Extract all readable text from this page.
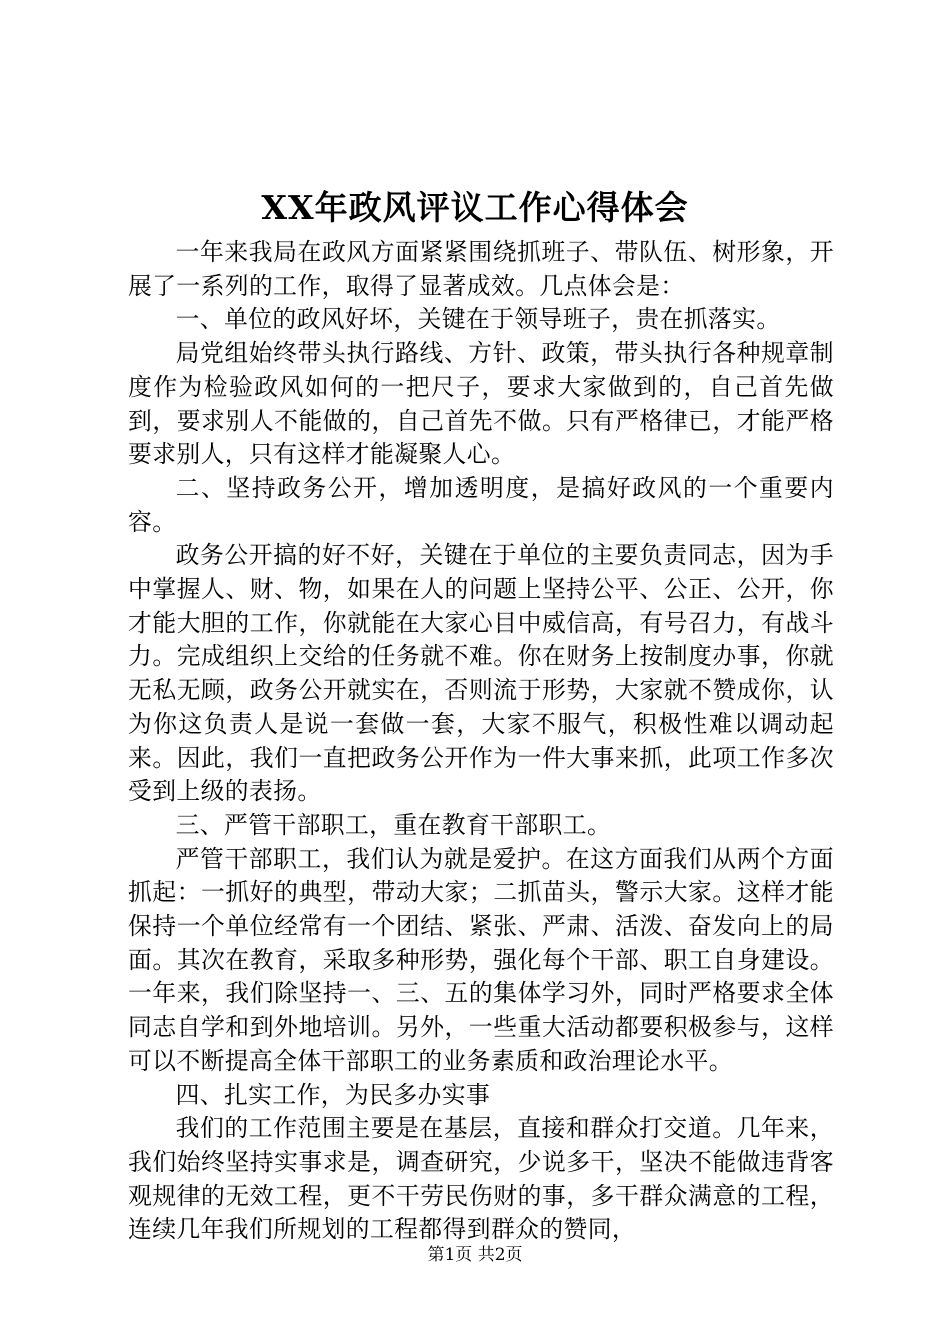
XX年政风评议工作心得体会

一年来我局在政风方面紧紧围绕抓班子、带队伍、树形象，开展了一系列的工作，取得了显著成效。几点体会是：

一、单位的政风好坏，关键在于领导班子，贵在抓落实。

局党组始终带头执行路线、方针、政策，带头执行各种规章制度作为检验政风如何的一把尺子，要求大家做到的，自己首先做到，要求别人不能做的，自己首先不做。只有严格律已，才能严格要求别人，只有这样才能凝聚人心。

二、坚持政务公开，增加透明度，是搞好政风的一个重要内容。

政务公开搞的好不好，关键在于单位的主要负责同志，因为手中掌握人、财、物，如果在人的问题上坚持公平、公正、公开，你才能大胆的工作，你就能在大家心目中威信高，有号召力，有战斗力。完成组织上交给的任务就不难。你在财务上按制度办事，你就无私无顾，政务公开就实在，否则流于形势，大家就不赞成你，认为你这负责人是说一套做一套，大家不服气，积极性难以调动起来。因此，我们一直把政务公开作为一件大事来抓，此项工作多次受到上级的表扬。

三、严管干部职工，重在教育干部职工。

严管干部职工，我们认为就是爱护。在这方面我们从两个方面抓起：一抓好的典型，带动大家；二抓苗头，警示大家。这样才能保持一个单位经常有一个团结、紧张、严肃、活泼、奋发向上的局面。其次在教育，采取多种形势，强化每个干部、职工自身建设。一年来，我们除坚持一、三、五的集体学习外，同时严格要求全体同志自学和到外地培训。另外，一些重大活动都要积极参与，这样可以不断提高全体干部职工的业务素质和政治理论水平。

四、扎实工作，为民多办实事

我们的工作范围主要是在基层，直接和群众打交道。几年来，我们始终坚持实事求是，调查研究，少说多干，坚决不能做违背客观规律的无效工程，更不干劳民伤财的事，多干群众满意的工程，连续几年我们所规划的工程都得到群众的赞同，

第1页 共2页
